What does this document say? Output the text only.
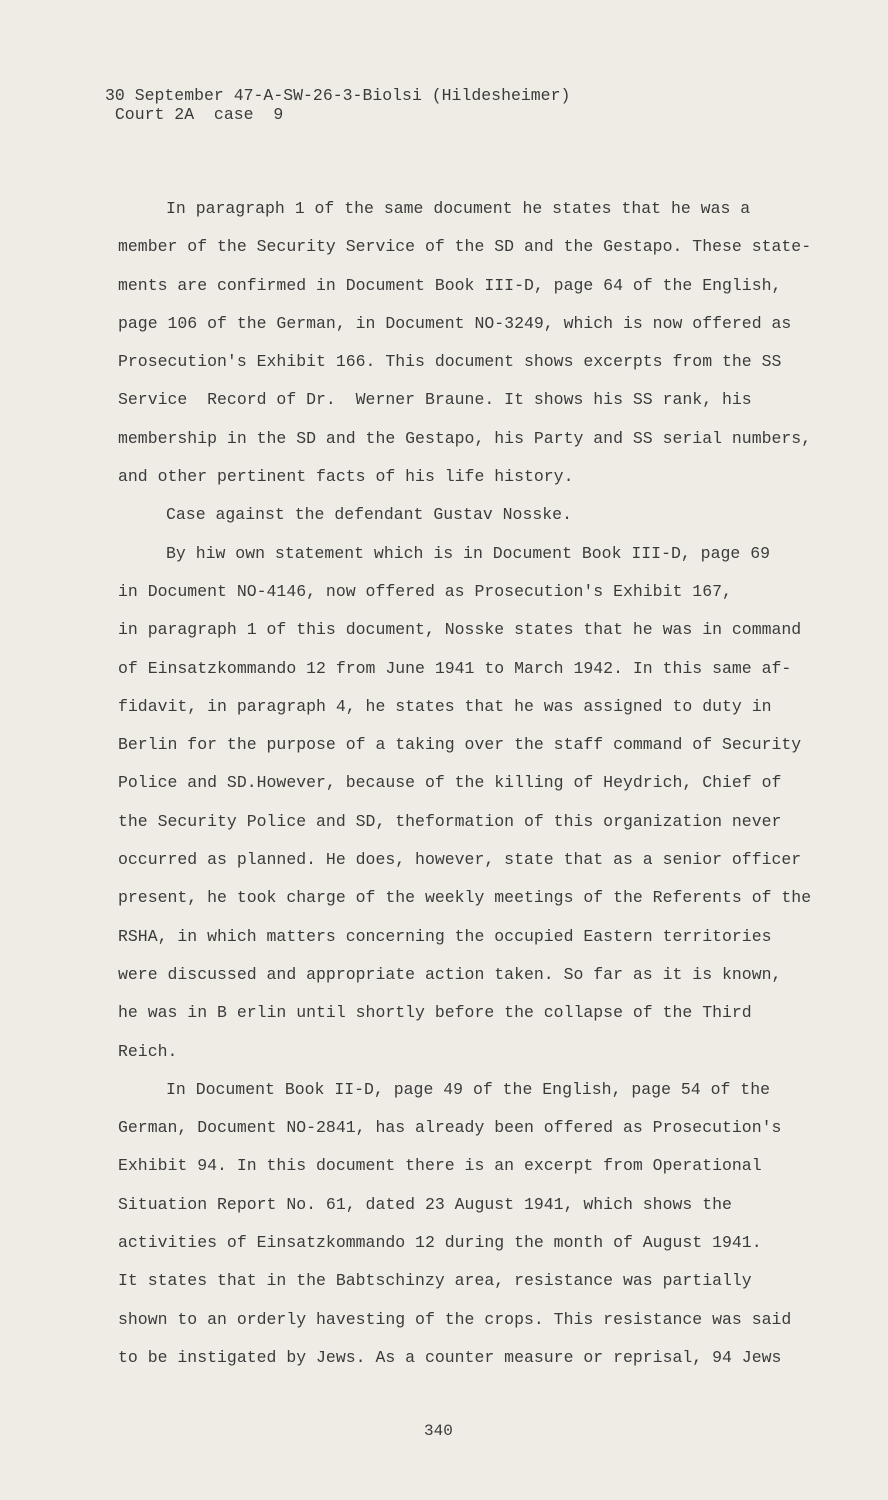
30 September 47-A-SW-26-3-Biolsi (Hildesheimer)
Court 2A  case  9
In paragraph 1 of the same document he states that he was a
member of the Security Service of the SD and the Gestapo. These state-
ments are confirmed in Document Book III-D, page 64 of the English,
page 106 of the German, in Document NO-3249, which is now offered as
Prosecution's Exhibit 166. This document shows excerpts from the SS
Service  Record of Dr.  Werner Braune. It shows his SS rank, his
membership in the SD and the Gestapo, his Party and SS serial numbers,
and other pertinent facts of his life history.
Case against the defendant Gustav Nosske.
By hiw own statement which is in Document Book III-D, page 69
in Document NO-4146, now offered as Prosecution's Exhibit 167,
in paragraph 1 of this document, Nosske states that he was in command
of Einsatzkommando 12 from June 1941 to March 1942. In this same af-
fidavit, in paragraph 4, he states that he was assigned to duty in
Berlin for the purpose of a taking over the staff command of Security
Police and SD.However, because of the killing of Heydrich, Chief of
the Security Police and SD, theformation of this organization never
occurred as planned. He does, however, state that as a senior officer
present, he took charge of the weekly meetings of the Referents of the
RSHA, in which matters concerning the occupied Eastern territories
were discussed and appropriate action taken. So far as it is known,
he was in B erlin until shortly before the collapse of the Third
Reich.
In Document Book II-D, page 49 of the English, page 54 of the
German, Document NO-2841, has already been offered as Prosecution's
Exhibit 94. In this document there is an excerpt from Operational
Situation Report No. 61, dated 23 August 1941, which shows the
activities of Einsatzkommando 12 during the month of August 1941.
It states that in the Babtschinzy area, resistance was partially
shown to an orderly havesting of the crops. This resistance was said
to be instigated by Jews. As a counter measure or reprisal, 94 Jews
340
